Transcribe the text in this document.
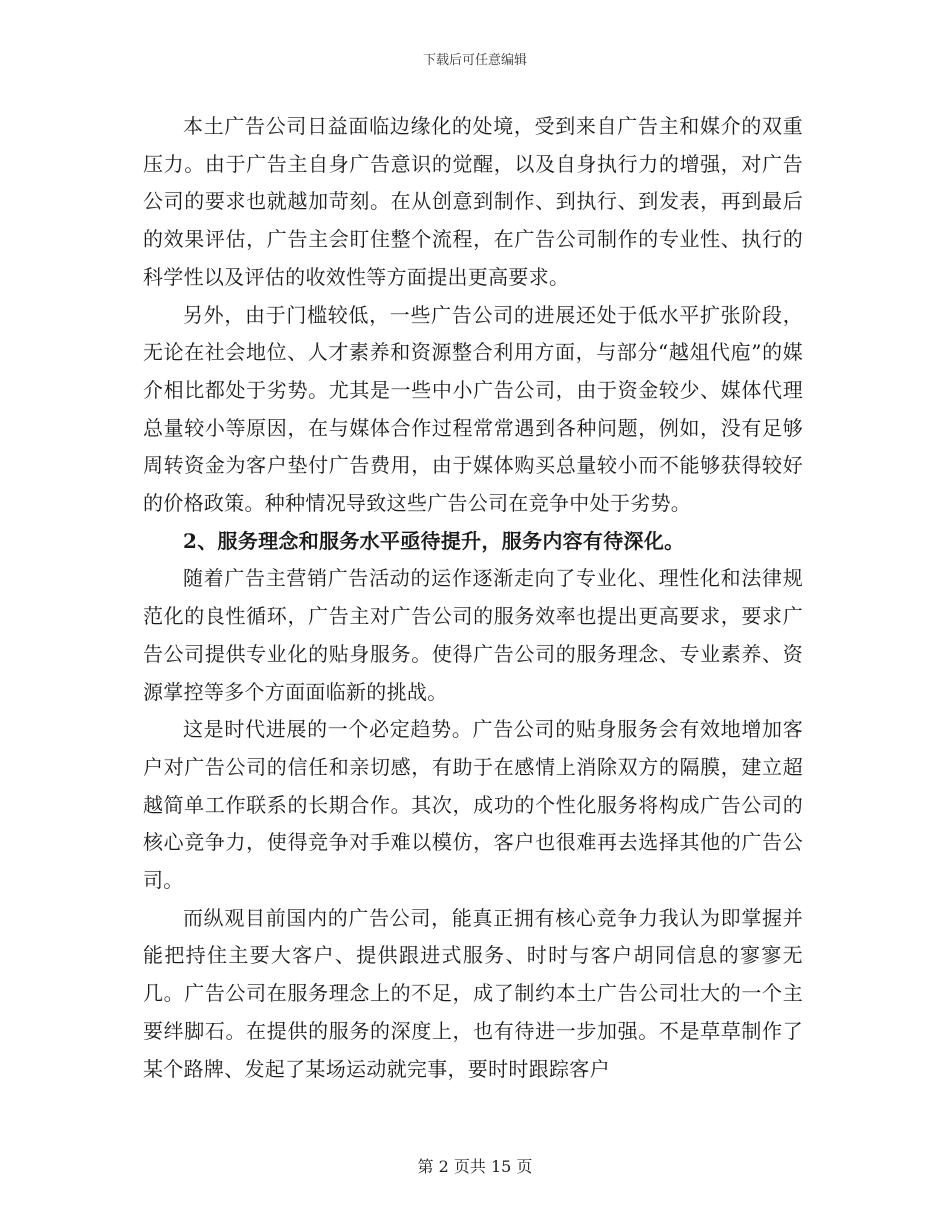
下载后可任意编辑

本土广告公司日益面临边缘化的处境，受到来自广告主和媒介的双重压力。由于广告主自身广告意识的觉醒，以及自身执行力的增强，对广告公司的要求也就越加苛刻。在从创意到制作、到执行、到发表，再到最后的效果评估，广告主会盯住整个流程，在广告公司制作的专业性、执行的科学性以及评估的收效性等方面提出更高要求。

另外，由于门槛较低，一些广告公司的进展还处于低水平扩张阶段，无论在社会地位、人才素养和资源整合利用方面，与部分“越俎代庖”的媒介相比都处于劣势。尤其是一些中小广告公司，由于资金较少、媒体代理总量较小等原因，在与媒体合作过程常常遇到各种问题，例如，没有足够周转资金为客户垫付广告费用，由于媒体购买总量较小而不能够获得较好的价格政策。种种情况导致这些广告公司在竞争中处于劣势。

2、服务理念和服务水平亟待提升，服务内容有待深化。

随着广告主营销广告活动的运作逐渐走向了专业化、理性化和法律规范化的良性循环，广告主对广告公司的服务效率也提出更高要求，要求广告公司提供专业化的贴身服务。使得广告公司的服务理念、专业素养、资源掌控等多个方面面临新的挑战。

这是时代进展的一个必定趋势。广告公司的贴身服务会有效地增加客户对广告公司的信任和亲切感，有助于在感情上消除双方的隔膜，建立超越简单工作联系的长期合作。其次，成功的个性化服务将构成广告公司的核心竞争力，使得竞争对手难以模仿，客户也很难再去选择其他的广告公司。

而纵观目前国内的广告公司，能真正拥有核心竞争力我认为即掌握并能把持住主要大客户、提供跟进式服务、时时与客户胡同信息的寥寥无几。广告公司在服务理念上的不足，成了制约本土广告公司壮大的一个主要绊脚石。在提供的服务的深度上，也有待进一步加强。不是草草制作了某个路牌、发起了某场运动就完事，要时时跟踪客户

第 2 页共 15 页
